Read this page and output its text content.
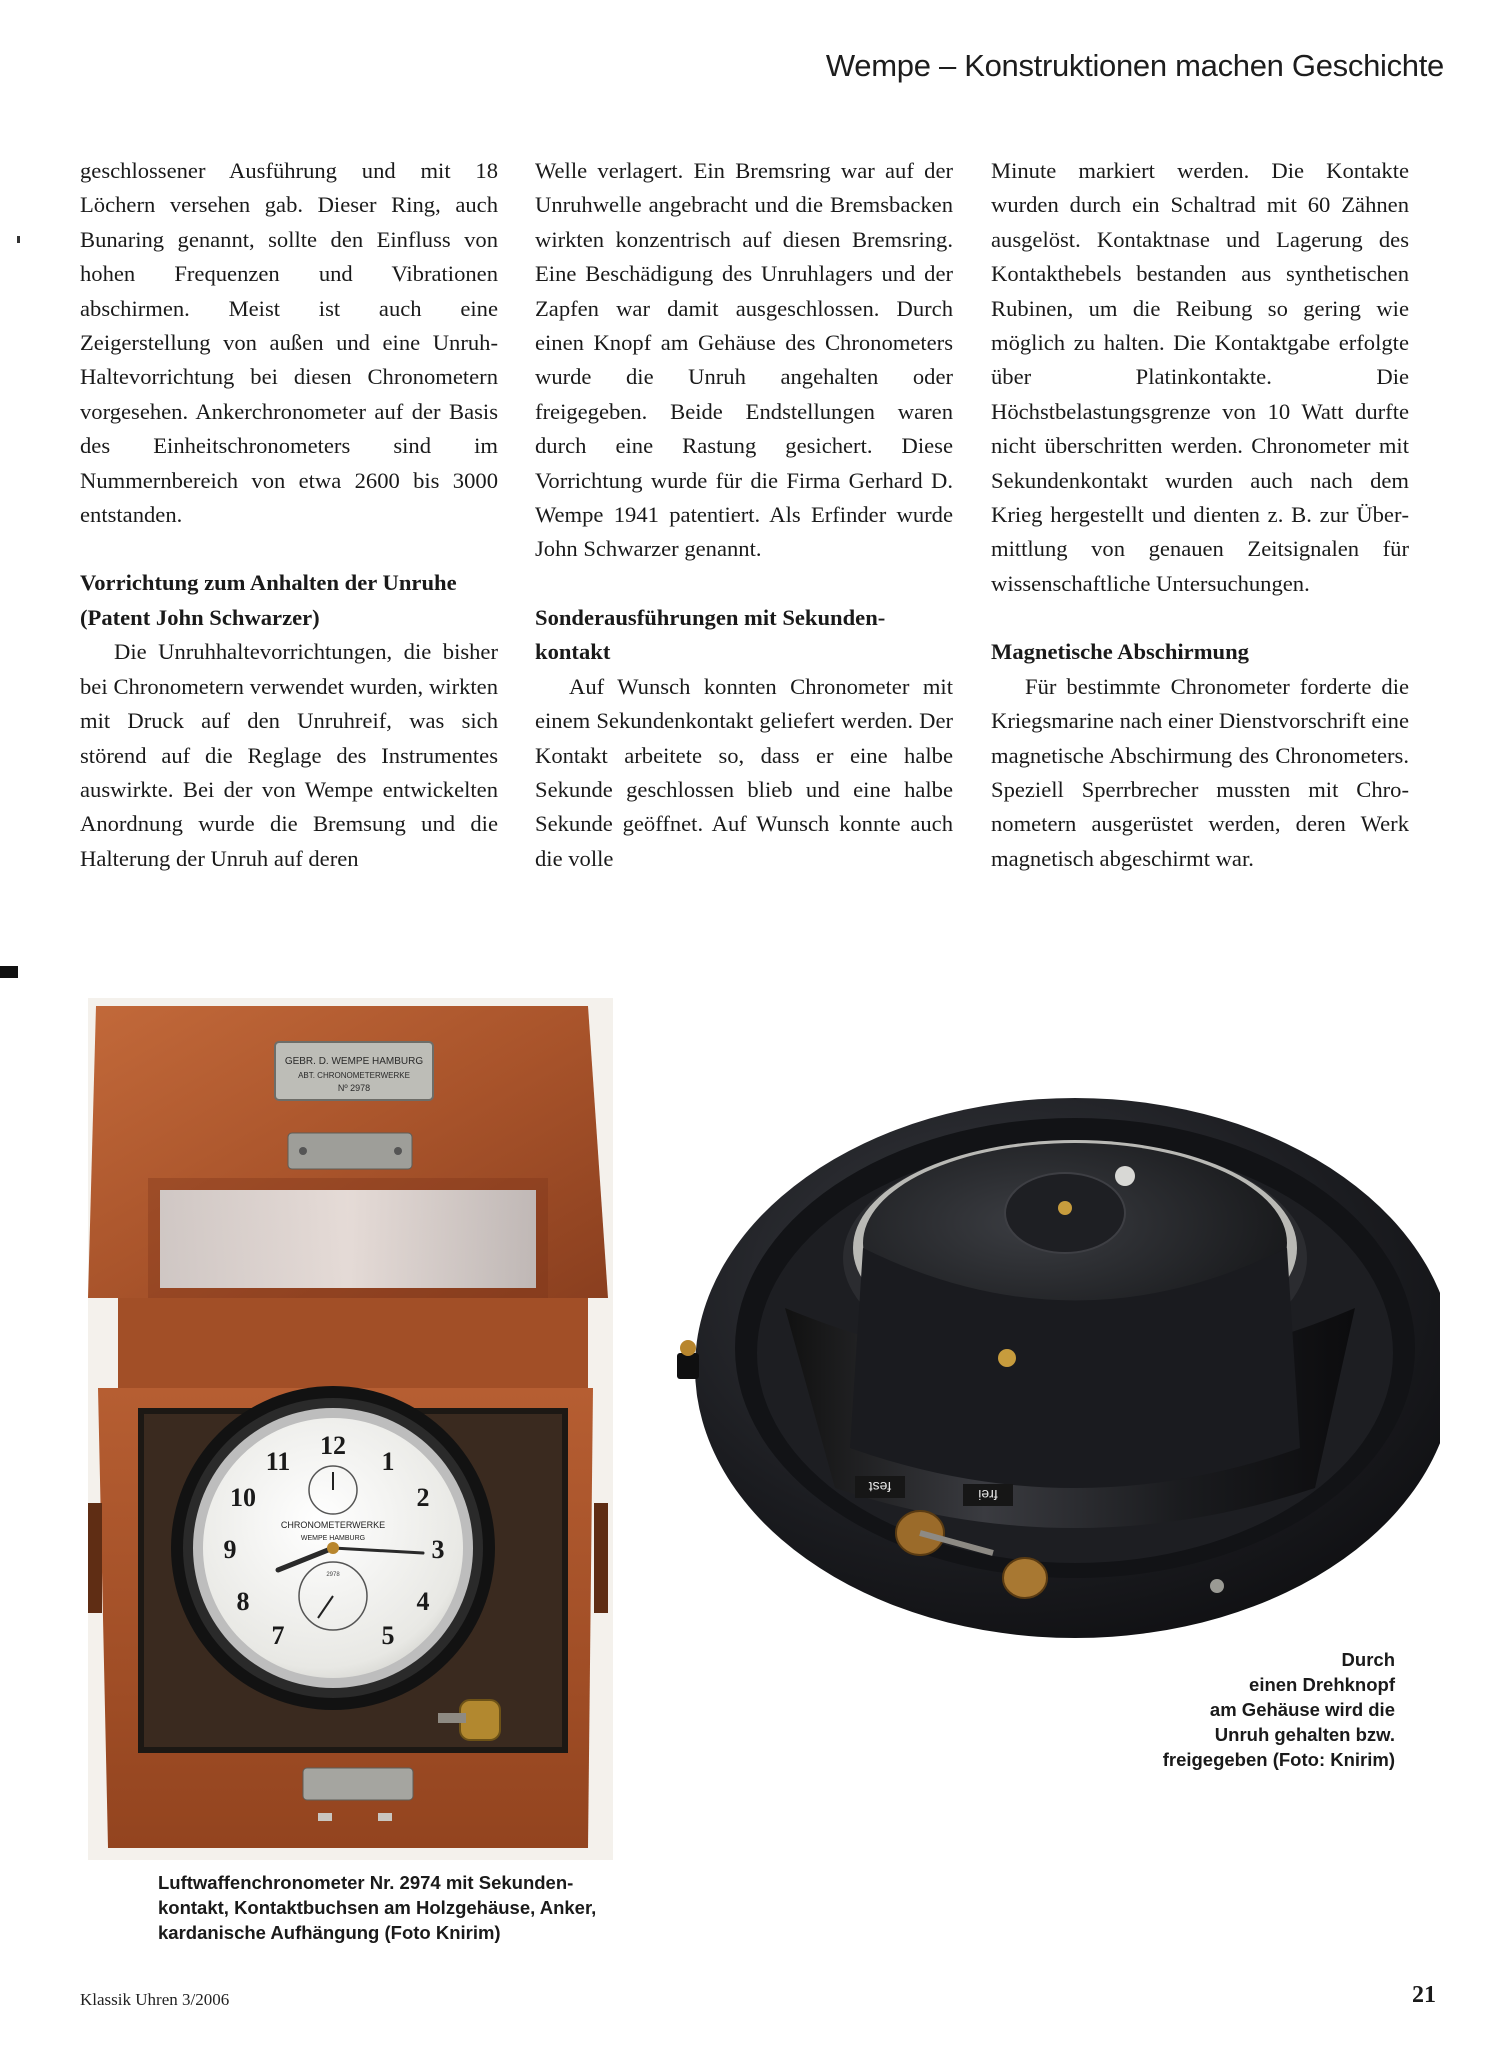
Wempe – Konstruktionen machen Geschichte

geschlossener Ausführung und mit 18 Löchern versehen gab. Dieser Ring, auch Bunaring genannt, sollte den Einfluss von hohen Frequenzen und Vibrationen abschirmen. Meist ist auch eine Zeigerstellung von außen und eine Unruh-Haltevorrichtung bei diesen Chronometern vorgesehen. Ankerchronometer auf der Basis des Einheitschronometers sind im Nummernbereich von etwa 2600 bis 3000 entstanden.

Vorrichtung zum Anhalten der Unruhe (Patent John Schwarzer)

Die Unruhhaltevorrichtungen, die bisher bei Chronometern verwendet wurden, wirkten mit Druck auf den Unruhreif, was sich störend auf die Reglage des Instrumentes auswirkte. Bei der von Wempe entwickelten Anordnung wurde die Bremsung und die Halterung der Unruh auf deren

Welle verlagert. Ein Bremsring war auf der Unruhwelle angebracht und die Bremsbacken wirkten konzentrisch auf diesen Bremsring. Eine Beschädigung des Unruhlagers und der Zapfen war damit ausgeschlossen. Durch einen Knopf am Gehäuse des Chronometers wurde die Unruh angehalten oder freigegeben. Beide Endstellungen waren durch eine Rastung gesichert. Diese Vorrichtung wurde für die Firma Gerhard D. Wempe 1941 patentiert. Als Erfinder wurde John Schwarzer genannt.

Sonderausführungen mit Sekundenkontakt

Auf Wunsch konnten Chronometer mit einem Sekundenkontakt geliefert werden. Der Kontakt arbeitete so, dass er eine halbe Sekunde geschlossen blieb und eine halbe Sekunde geöffnet. Auf Wunsch konnte auch die volle

Minute markiert werden. Die Kontakte wurden durch ein Schaltrad mit 60 Zähnen ausgelöst. Kontaktnase und Lagerung des Kontakthebels bestanden aus synthetischen Rubinen, um die Reibung so gering wie möglich zu halten. Die Kontaktgabe erfolgte über Platinkontakte. Die Höchstbelastungsgrenze von 10 Watt durfte nicht überschritten werden. Chronometer mit Sekundenkontakt wurden auch nach dem Krieg hergestellt und dienten z. B. zur Übermittlung von genauen Zeitsignalen für wissenschaftliche Untersuchungen.

Magnetische Abschirmung

Für bestimmte Chronometer forderte die Kriegsmarine nach einer Dienstvorschrift eine magnetische Abschirmung des Chronometers. Speziell Sperrbrecher mussten mit Chronometern ausgerüstet werden, deren Werk magnetisch abgeschirmt war.

GEBR. D. WEMPE HAMBURG
ABT. CHRONOMETERWERKE
Nº 2978
12
1
2
3
4
5
7
8
9
10
11
CHRONOMETERWERKE
WEMPE HAMBURG
2978
fest	frei
Luftwaffenchronometer Nr. 2974 mit Sekundenkontakt, Kontaktbuchsen am Holzgehäuse, Anker, kardanische Aufhängung (Foto Knirim)
Durch
einen Drehknopf
am Gehäuse wird die
Unruh gehalten bzw.
freigegeben (Foto: Knirim)
Klassik Uhren 3/2006	21
